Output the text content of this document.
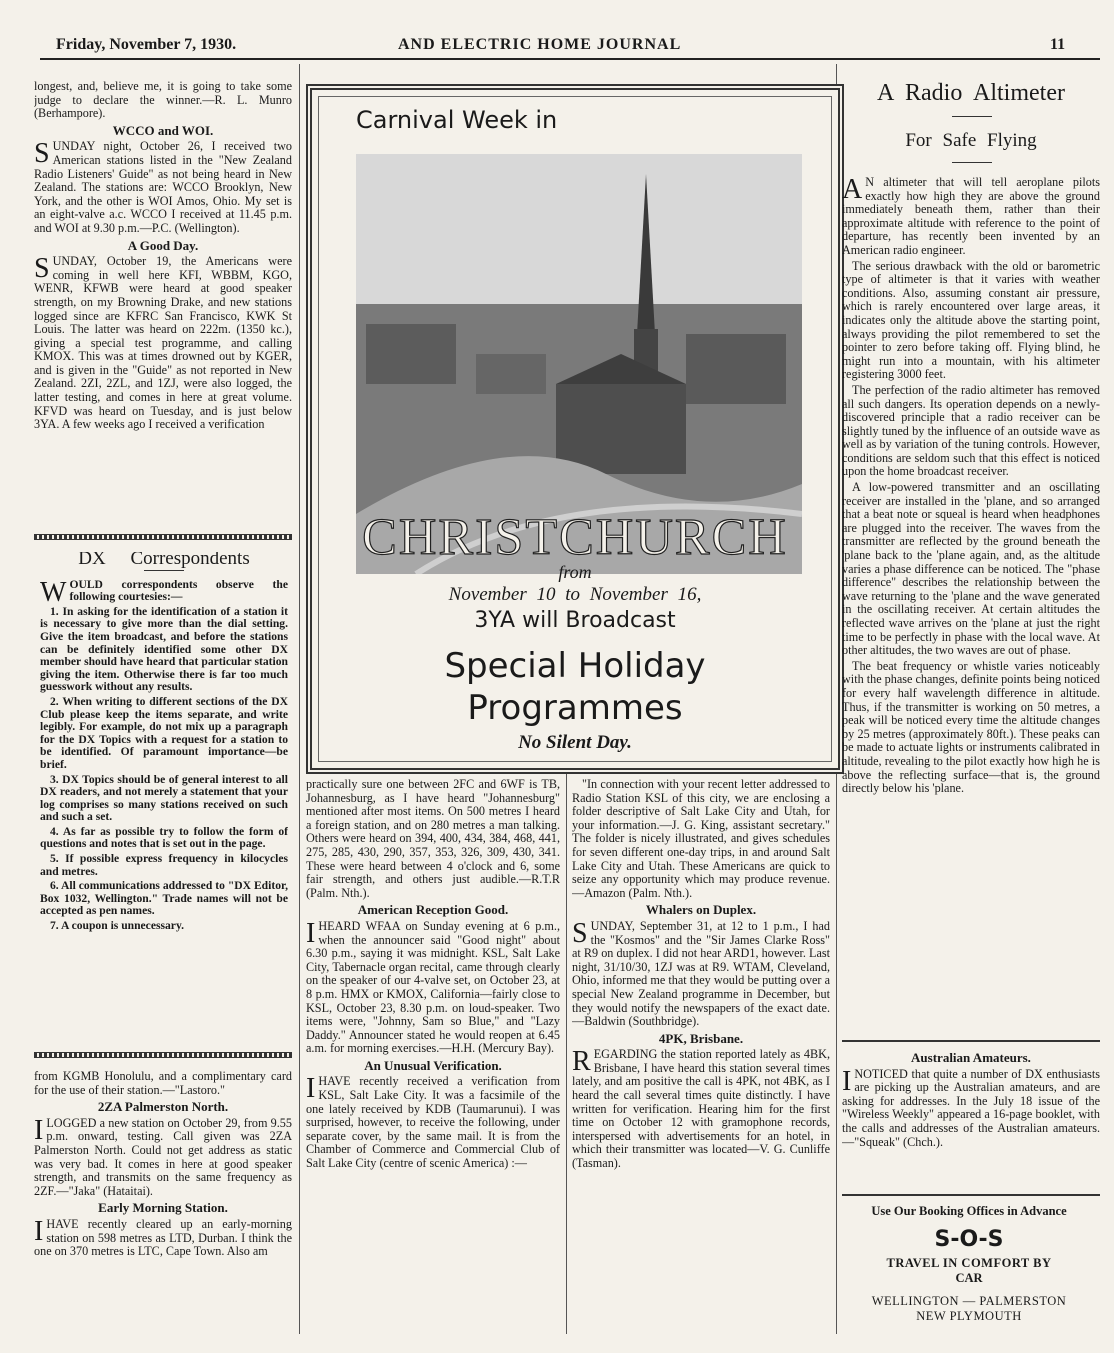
Friday, November 7, 1930.	AND ELECTRIC HOME JOURNAL	11

longest, and, believe me, it is going to take some judge to declare the winner.—R. L. Munro (Berhampore).

WCCO and WOI.

SUNDAY night, October 26, I received two American stations listed in the "New Zealand Radio Listeners' Guide" as not being heard in New Zealand. The stations are: WCCO Brooklyn, New York, and the other is WOI Amos, Ohio. My set is an eight-valve a.c. WCCO I received at 11.45 p.m. and WOI at 9.30 p.m.—P.C. (Wellington).

A Good Day.

SUNDAY, October 19, the Americans were coming in well here KFI, WBBM, KGO, WENR, KFWB were heard at good speaker strength, on my Browning Drake, and new stations logged since are KFRC San Francisco, KWK St Louis. The latter was heard on 222m. (1350 kc.), giving a special test programme, and calling KMOX. This was at times drowned out by KGER, and is given in the "Guide" as not reported in New Zealand. 2ZI, 2ZL, and 1ZJ, were also logged, the latter testing, and comes in here at great volume. KFVD was heard on Tuesday, and is just below 3YA. A few weeks ago I received a verification

DX Correspondents

WOULD correspondents observe the following courtesies:—

1. In asking for the identification of a station it is necessary to give more than the dial setting. Give the item broadcast, and before the stations can be definitely identified some other DX member should have heard that particular station giving the item. Otherwise there is far too much guesswork without any results.

2. When writing to different sections of the DX Club please keep the items separate, and write legibly. For example, do not mix up a paragraph for the DX Topics with a request for a station to be identified. Of paramount importance—be brief.

3. DX Topics should be of general interest to all DX readers, and not merely a statement that your log comprises so many stations received on such and such a set.

4. As far as possible try to follow the form of questions and notes that is set out in the page.

5. If possible express frequency in kilocycles and metres.

6. All communications addressed to "DX Editor, Box 1032, Wellington." Trade names will not be accepted as pen names.

7. A coupon is unnecessary.

from KGMB Honolulu, and a complimentary card for the use of their station.—"Lastoro."

2ZA Palmerston North.

ILOGGED a new station on October 29, from 9.55 p.m. onward, testing. Call given was 2ZA Palmerston North. Could not get address as static was very bad. It comes in here at good speaker strength, and transmits on the same frequency as 2ZF.—"Jaka" (Hataitai).

Early Morning Station.

IHAVE recently cleared up an early-morning station on 598 metres as LTD, Durban. I think the one on 370 metres is LTC, Cape Town. Also am

Carnival Week in
CHRISTCHURCH
from
November 10 to November 16,
3YA will Broadcast
Special Holiday
Programmes
No Silent Day.

practically sure one between 2FC and 6WF is TB, Johannesburg, as I have heard "Johannesburg" mentioned after most items. On 500 metres I heard a foreign station, and on 280 metres a man talking. Others were heard on 394, 400, 434, 384, 468, 441, 275, 285, 430, 290, 357, 353, 326, 309, 430, 341. These were heard between 4 o'clock and 6, some fair strength, and others just audible.—R.T.R (Palm. Nth.).

American Reception Good.

IHEARD WFAA on Sunday evening at 6 p.m., when the announcer said "Good night" about 6.30 p.m., saying it was midnight. KSL, Salt Lake City, Tabernacle organ recital, came through clearly on the speaker of our 4-valve set, on October 23, at 8 p.m. HMX or KMOX, California—fairly close to KSL, October 23, 8.30 p.m. on loud-speaker. Two items were, "Johnny, Sam so Blue," and "Lazy Daddy." Announcer stated he would reopen at 6.45 a.m. for morning exercises.—H.H. (Mercury Bay).

An Unusual Verification.

IHAVE recently received a verification from KSL, Salt Lake City. It was a facsimile of the one lately received by KDB (Taumarunui). I was surprised, however, to receive the following, under separate cover, by the same mail. It is from the Chamber of Commerce and Commercial Club of Salt Lake City (centre of scenic America) :—

"In connection with your recent letter addressed to Radio Station KSL of this city, we are enclosing a folder descriptive of Salt Lake City and Utah, for your information.—J. G. King, assistant secretary." The folder is nicely illustrated, and gives schedules for seven different one-day trips, in and around Salt Lake City and Utah. These Americans are quick to seize any opportunity which may produce revenue.—Amazon (Palm. Nth.).

Whalers on Duplex.

SUNDAY, September 31, at 12 to 1 p.m., I had the "Kosmos" and the "Sir James Clarke Ross" at R9 on duplex. I did not hear ARD1, however. Last night, 31/10/30, 1ZJ was at R9. WTAM, Cleveland, Ohio, informed me that they would be putting over a special New Zealand programme in December, but they would notify the newspapers of the exact date.—Baldwin (Southbridge).

4PK, Brisbane.

REGARDING the station reported lately as 4BK, Brisbane, I have heard this station several times lately, and am positive the call is 4PK, not 4BK, as I heard the call several times quite distinctly. I have written for verification. Hearing him for the first time on October 12 with gramophone records, interspersed with advertisements for an hotel, in which their transmitter was located—V. G. Cunliffe (Tasman).

A Radio Altimeter
For Safe Flying

A N altimeter that will tell aeroplane pilots exactly how high they are above the ground immediately beneath them, rather than their approximate altitude with reference to the point of departure, has recently been invented by an American radio engineer.

The serious drawback with the old or barometric type of altimeter is that it varies with weather conditions. Also, assuming constant air pressure, which is rarely encountered over large areas, it indicates only the altitude above the starting point, always providing the pilot remembered to set the pointer to zero before taking off. Flying blind, he might run into a mountain, with his altimeter registering 3000 feet.

The perfection of the radio altimeter has removed all such dangers. Its operation depends on a newly-discovered principle that a radio receiver can be slightly tuned by the influence of an outside wave as well as by variation of the tuning controls. However, conditions are seldom such that this effect is noticed upon the home broadcast receiver.

A low-powered transmitter and an oscillating receiver are installed in the 'plane, and so arranged that a beat note or squeal is heard when headphones are plugged into the receiver. The waves from the transmitter are reflected by the ground beneath the 'plane back to the 'plane again, and, as the altitude varies a phase difference can be noticed. The "phase difference" describes the relationship between the wave returning to the 'plane and the wave generated in the oscillating receiver. At certain altitudes the reflected wave arrives on the 'plane at just the right time to be perfectly in phase with the local wave. At other altitudes, the two waves are out of phase.

The beat frequency or whistle varies noticeably with the phase changes, definite points being noticed for every half wavelength difference in altitude. Thus, if the transmitter is working on 50 metres, a peak will be noticed every time the altitude changes by 25 metres (approximately 80ft.). These peaks can be made to actuate lights or instruments calibrated in altitude, revealing to the pilot exactly how high he is above the reflecting surface—that is, the ground directly below his 'plane.

Australian Amateurs.

INOTICED that quite a number of DX enthusiasts are picking up the Australian amateurs, and are asking for addresses. In the July 18 issue of the "Wireless Weekly" appeared a 16-page booklet, with the calls and addresses of the Australian amateurs.—"Squeak" (Chch.).

Use Our Booking Offices in Advance
S-O-S
TRAVEL IN COMFORT BY
CAR
WELLINGTON — PALMERSTON
NEW PLYMOUTH
